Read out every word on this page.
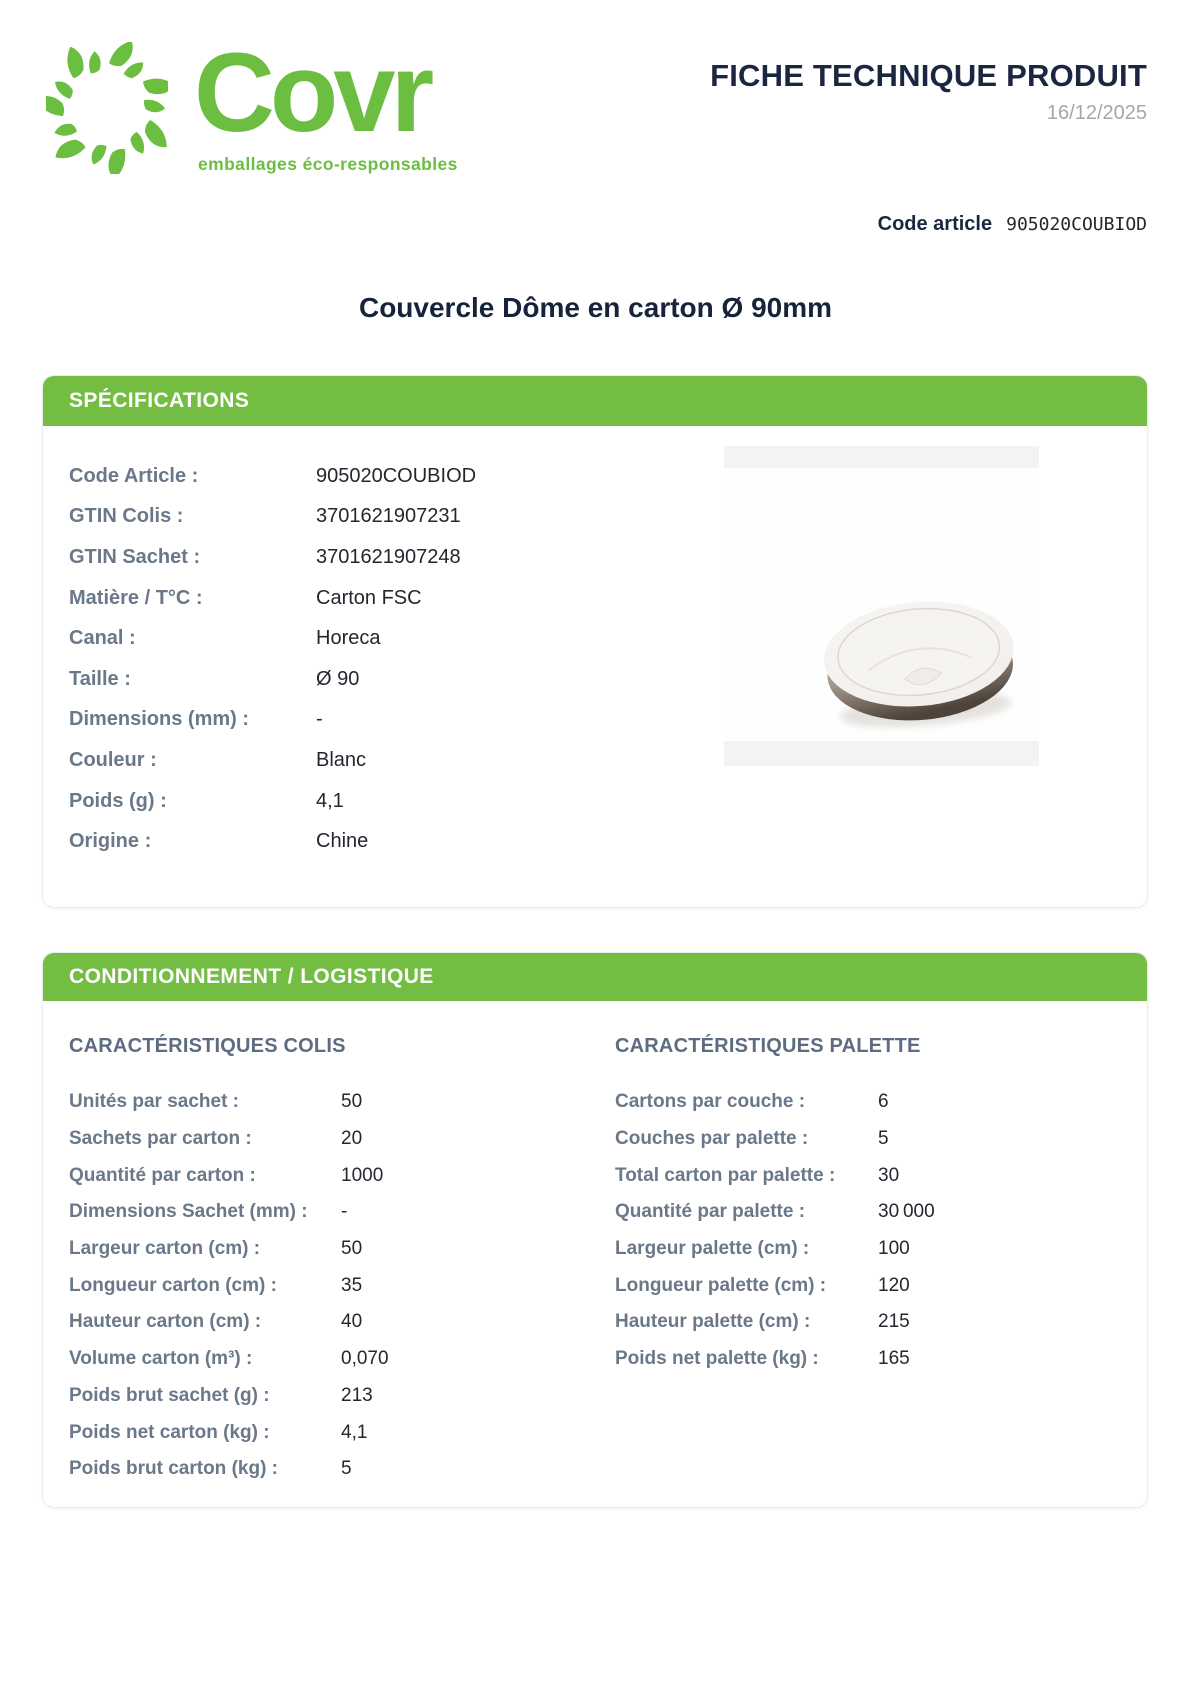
Covr
emballages éco-responsables
FICHE TECHNIQUE PRODUIT
16/12/2025
Code article 905020COUBIOD
Couvercle Dôme en carton Ø 90mm
SPÉCIFICATIONS
Code Article :	905020COUBIOD
GTIN Colis :	3701621907231
GTIN Sachet :	3701621907248
Matière / T°C :	Carton FSC
Canal :	Horeca
Taille :	Ø 90
Dimensions (mm) :	-
Couleur :	Blanc
Poids (g) :	4,1
Origine :	Chine
CONDITIONNEMENT / LOGISTIQUE
CARACTÉRISTIQUES COLIS
Unités par sachet :	50
Sachets par carton :	20
Quantité par carton :	1000
Dimensions Sachet (mm) :	-
Largeur carton (cm) :	50
Longueur carton (cm) :	35
Hauteur carton (cm) :	40
Volume carton (m³) :	0,070
Poids brut sachet (g) :	213
Poids net carton (kg) :	4,1
Poids brut carton (kg) :	5
CARACTÉRISTIQUES PALETTE
Cartons par couche :	6
Couches par palette :	5
Total carton par palette :	30
Quantité par palette :	30 000
Largeur palette (cm) :	100
Longueur palette (cm) :	120
Hauteur palette (cm) :	215
Poids net palette (kg) :	165
